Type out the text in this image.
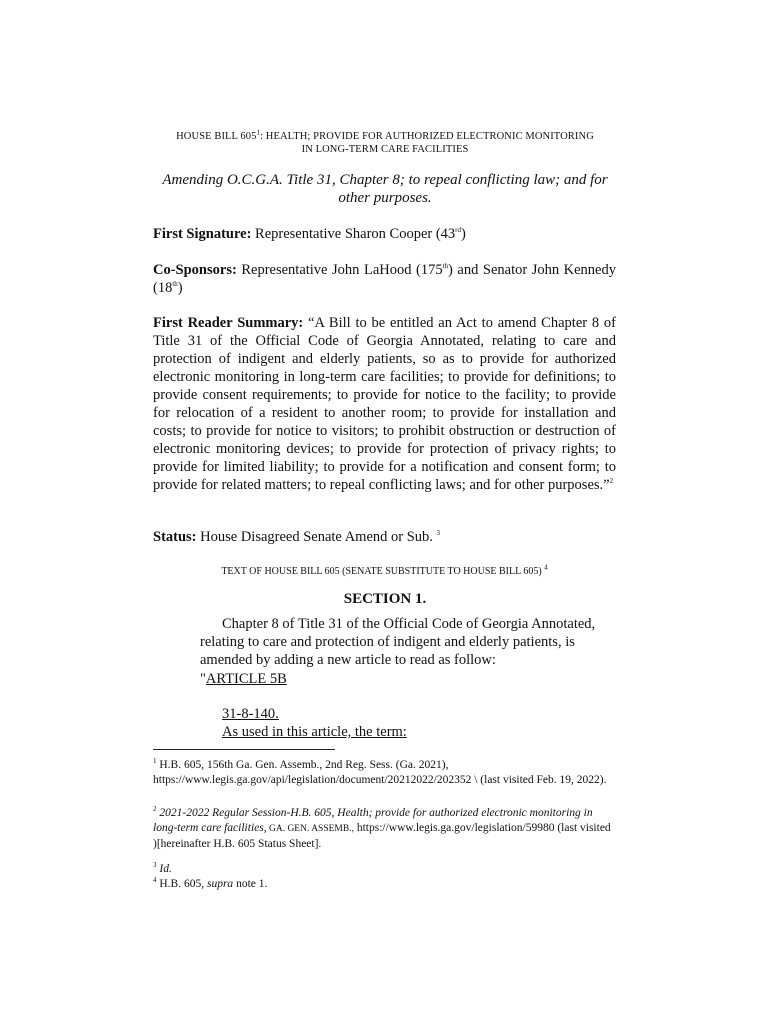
HOUSE BILL $605^1$: HEALTH; PROVIDE FOR AUTHORIZED ELECTRONIC MONITORING
IN LONG-TERM CARE FACILITIES
Amending O.C.G.A. Title 31, Chapter 8; to repeal conflicting law; and for other purposes.
First Signature: Representative Sharon Cooper (43rd)
Co-Sponsors: Representative John LaHood (175th) and Senator John Kennedy (18th)
First Reader Summary: “A Bill to be entitled an Act to amend Chapter 8 of Title 31 of the Official Code of Georgia Annotated, relating to care and protection of indigent and elderly patients, so as to provide for authorized electronic monitoring in long-term care facilities; to provide for definitions; to provide consent requirements; to provide for notice to the facility; to provide for relocation of a resident to another room; to provide for installation and costs; to provide for notice to visitors; to prohibit obstruction or destruction of electronic monitoring devices; to provide for protection of privacy rights; to provide for limited liability; to provide for a notification and consent form; to provide for related matters; to repeal conflicting laws; and for other purposes.”$^2$
Status: House Disagreed Senate Amend or Sub. $^3$
TEXT OF HOUSE BILL 605 (SENATE SUBSTITUTE TO HOUSE BILL 605) $^4$
SECTION 1.
Chapter 8 of Title 31 of the Official Code of Georgia Annotated,
relating to care and protection of indigent and elderly patients, is
amended by adding a new article to read as follow:
"ARTICLE 5B
31-8-140.
As used in this article, the term:
$^1$ H.B. 605, 156th Ga. Gen. Assemb., 2nd Reg. Sess. (Ga. 2021), https://www.legis.ga.gov/api/legislation/document/20212022/202352 \ (last visited Feb. 19, 2022).
$^2$ 2021-2022 Regular Session-H.B. 605, Health; provide for authorized electronic monitoring in long-term care facilities, GA. GEN. ASSEMB., https://www.legis.ga.gov/legislation/59980 (last visited )[hereinafter H.B. 605 Status Sheet].
$^3$ Id.
$^4$ H.B. 605, supra note 1.
